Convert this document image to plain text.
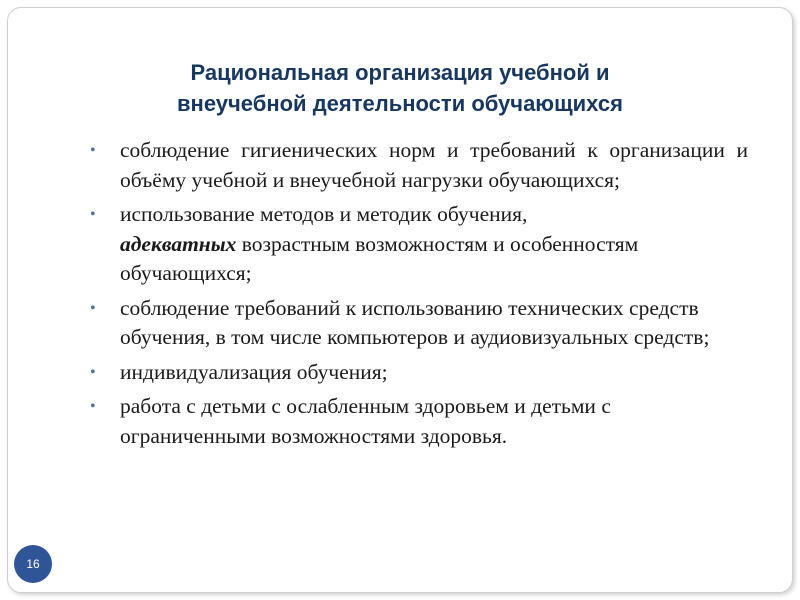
Рациональная организация учебной и
внеучебной деятельности обучающихся
• соблюдение гигиенических норм и требований к организации и объёму учебной и внеучебной нагрузки обучающихся;
• использование методов и методик обучения,
адекватных возрастным возможностям и особенностям обучающихся;
• соблюдение требований к использованию технических средств обучения, в том числе компьютеров и аудиовизуальных средств;
• индивидуализация обучения;
• работа с детьми с ослабленным здоровьем и детьми с ограниченными возможностями здоровья.
16
